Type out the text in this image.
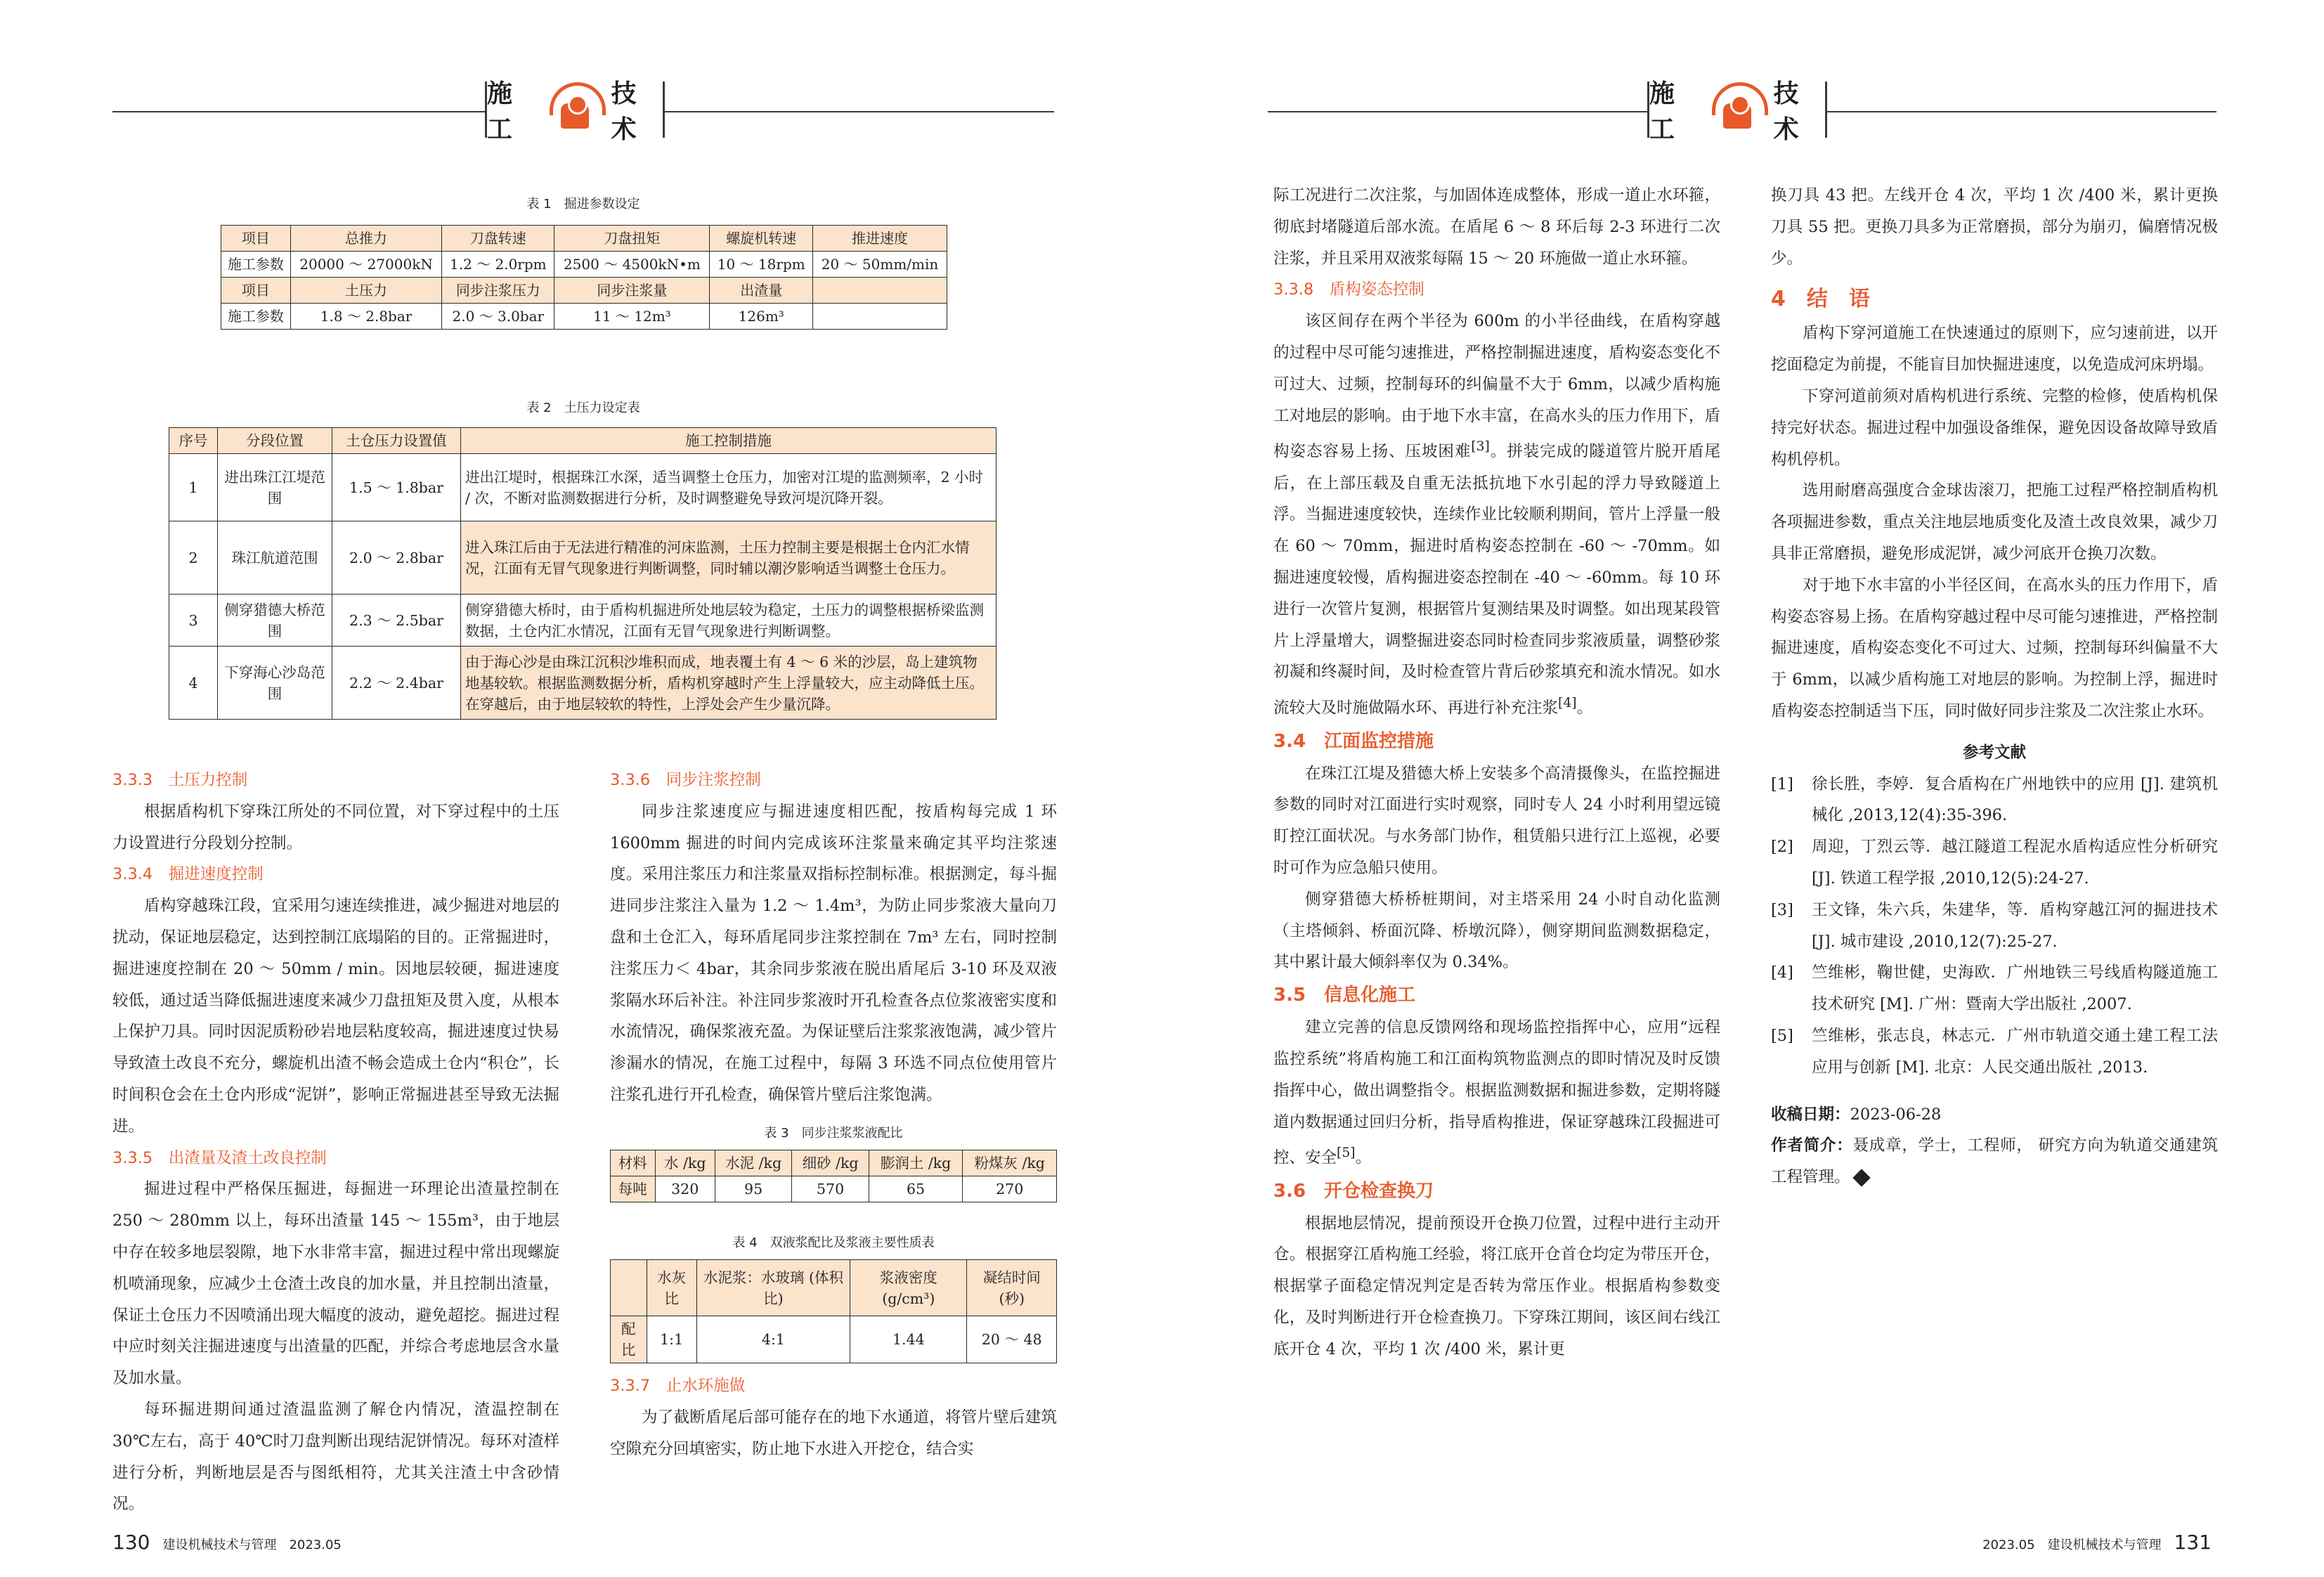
施工
技术
表 1　掘进参数设定
项目	总推力	刀盘转速	刀盘扭矩	螺旋机转速	推进速度
施工参数	20000 ～ 27000kN	1.2 ～ 2.0rpm	2500 ～ 4500kN•m	10 ～ 18rpm	20 ～ 50mm/min
项目	土压力	同步注浆压力	同步注浆量	出渣量	
施工参数	1.8 ～ 2.8bar	2.0 ～ 3.0bar	11 ～ 12m³	126m³	
表 2　土压力设定表
序号	分段位置	土仓压力设置值	施工控制措施
1	进出珠江江堤范围	1.5 ～ 1.8bar	进出江堤时，根据珠江水深，适当调整土仓压力，加密对江堤的监测频率，2 小时 / 次，不断对监测数据进行分析，及时调整避免导致河堤沉降开裂。
2	珠江航道范围	2.0 ～ 2.8bar	进入珠江后由于无法进行精准的河床监测，土压力控制主要是根据土仓内汇水情况，江面有无冒气现象进行判断调整，同时辅以潮汐影响适当调整土仓压力。
3	侧穿猎德大桥范围	2.3 ～ 2.5bar	侧穿猎德大桥时，由于盾构机掘进所处地层较为稳定，土压力的调整根据桥梁监测数据，土仓内汇水情况，江面有无冒气现象进行判断调整。
4	下穿海心沙岛范围	2.2 ～ 2.4bar	由于海心沙是由珠江沉积沙堆积而成，地表覆土有 4 ～ 6 米的沙层，岛上建筑物地基较软。根据监测数据分析，盾构机穿越时产生上浮量较大，应主动降低土压。在穿越后，由于地层较软的特性，上浮处会产生少量沉降。
3.3.3　土压力控制

根据盾构机下穿珠江所处的不同位置，对下穿过程中的土压力设置进行分段划分控制。

3.3.4　掘进速度控制

盾构穿越珠江段，宜采用匀速连续推进，减少掘进对地层的扰动，保证地层稳定，达到控制江底塌陷的目的。正常掘进时，掘进速度控制在 20 ～ 50mm / min。因地层较硬，掘进速度较低，通过适当降低掘进速度来减少刀盘扭矩及贯入度，从根本上保护刀具。同时因泥质粉砂岩地层粘度较高，掘进速度过快易导致渣土改良不充分，螺旋机出渣不畅会造成土仓内“积仓”，长时间积仓会在土仓内形成“泥饼”，影响正常掘进甚至导致无法掘进。

3.3.5　出渣量及渣土改良控制

掘进过程中严格保压掘进，每掘进一环理论出渣量控制在 250 ～ 280mm 以上，每环出渣量 145 ～ 155m³，由于地层中存在较多地层裂隙，地下水非常丰富，掘进过程中常出现螺旋机喷涌现象，应减少土仓渣土改良的加水量，并且控制出渣量，保证土仓压力不因喷涌出现大幅度的波动，避免超挖。掘进过程中应时刻关注掘进速度与出渣量的匹配，并综合考虑地层含水量及加水量。

每环掘进期间通过渣温监测了解仓内情况，渣温控制在 30℃左右，高于 40℃时刀盘判断出现结泥饼情况。每环对渣样进行分析，判断地层是否与图纸相符，尤其关注渣土中含砂情况。

3.3.6　同步注浆控制

同步注浆速度应与掘进速度相匹配，按盾构每完成 1 环 1600mm 掘进的时间内完成该环注浆量来确定其平均注浆速度。采用注浆压力和注浆量双指标控制标准。根据测定，每斗掘进同步注浆注入量为 1.2 ～ 1.4m³，为防止同步浆液大量向刀盘和土仓汇入，每环盾尾同步注浆控制在 7m³ 左右，同时控制注浆压力＜ 4bar，其余同步浆液在脱出盾尾后 3-10 环及双液浆隔水环后补注。补注同步浆液时开孔检查各点位浆液密实度和水流情况，确保浆液充盈。为保证壁后注浆浆液饱满，减少管片渗漏水的情况，在施工过程中，每隔 3 环选不同点位使用管片注浆孔进行开孔检查，确保管片壁后注浆饱满。

表 3　同步注浆浆液配比
材料	水 /kg	水泥 /kg	细砂 /kg	膨润土 /kg	粉煤灰 /kg
每吨	320	95	570	65	270
表 4　双液浆配比及浆液主要性质表
	水灰比	水泥浆：水玻璃 (体积比)	浆液密度 (g/cm³)	凝结时间 (秒)
配比	1:1	4:1	1.44	20 ～ 48
3.3.7　止水环施做

为了截断盾尾后部可能存在的地下水通道，将管片壁后建筑空隙充分回填密实，防止地下水进入开挖仓，结合实

130 建设机械技术与管理 2023.05
施工
技术

际工况进行二次注浆，与加固体连成整体，形成一道止水环箍，彻底封堵隧道后部水流。在盾尾 6 ～ 8 环后每 2-3 环进行二次注浆，并且采用双液浆每隔 15 ～ 20 环施做一道止水环箍。

3.3.8　盾构姿态控制

该区间存在两个半径为 600m 的小半径曲线，在盾构穿越的过程中尽可能匀速推进，严格控制掘进速度，盾构姿态变化不可过大、过频，控制每环的纠偏量不大于 6mm，以减少盾构施工对地层的影响。由于地下水丰富，在高水头的压力作用下，盾构姿态容易上扬、压坡困难[3]。拼装完成的隧道管片脱开盾尾后，在上部压载及自重无法抵抗地下水引起的浮力导致隧道上浮。当掘进速度较快，连续作业比较顺利期间，管片上浮量一般在 60 ～ 70mm，掘进时盾构姿态控制在 -60 ～ -70mm。如掘进速度较慢，盾构掘进姿态控制在 -40 ～ -60mm。每 10 环进行一次管片复测，根据管片复测结果及时调整。如出现某段管片上浮量增大，调整掘进姿态同时检查同步浆液质量，调整砂浆初凝和终凝时间，及时检查管片背后砂浆填充和流水情况。如水流较大及时施做隔水环、再进行补充注浆[4]。

3.4　江面监控措施

在珠江江堤及猎德大桥上安装多个高清摄像头，在监控掘进参数的同时对江面进行实时观察，同时专人 24 小时利用望远镜盯控江面状况。与水务部门协作，租赁船只进行江上巡视，必要时可作为应急船只使用。

侧穿猎德大桥桥桩期间，对主塔采用 24 小时自动化监测（主塔倾斜、桥面沉降、桥墩沉降），侧穿期间监测数据稳定，其中累计最大倾斜率仅为 0.34%。

3.5　信息化施工

建立完善的信息反馈网络和现场监控指挥中心，应用“远程监控系统”将盾构施工和江面构筑物监测点的即时情况及时反馈指挥中心，做出调整指令。根据监测数据和掘进参数，定期将隧道内数据通过回归分析，指导盾构推进，保证穿越珠江段掘进可控、安全[5]。

3.6　开仓检查换刀

根据地层情况，提前预设开仓换刀位置，过程中进行主动开仓。根据穿江盾构施工经验，将江底开仓首仓均定为带压开仓，根据掌子面稳定情况判定是否转为常压作业。根据盾构参数变化，及时判断进行开仓检查换刀。下穿珠江期间，该区间右线江底开仓 4 次，平均 1 次 /400 米，累计更

换刀具 43 把。左线开仓 4 次，平均 1 次 /400 米，累计更换刀具 55 把。更换刀具多为正常磨损，部分为崩刃，偏磨情况极少。

4　结　语

盾构下穿河道施工在快速通过的原则下，应匀速前进，以开挖面稳定为前提，不能盲目加快掘进速度，以免造成河床坍塌。

下穿河道前须对盾构机进行系统、完整的检修，使盾构机保持完好状态。掘进过程中加强设备维保，避免因设备故障导致盾构机停机。

选用耐磨高强度合金球齿滚刀，把施工过程严格控制盾构机各项掘进参数，重点关注地层地质变化及渣土改良效果，减少刀具非正常磨损，避免形成泥饼，减少河底开仓换刀次数。

对于地下水丰富的小半径区间，在高水头的压力作用下，盾构姿态容易上扬。在盾构穿越过程中尽可能匀速推进，严格控制掘进速度，盾构姿态变化不可过大、过频，控制每环纠偏量不大于 6mm，以减少盾构施工对地层的影响。为控制上浮，掘进时盾构姿态控制适当下压，同时做好同步注浆及二次注浆止水环。

参考文献
[1]	徐长胜，李婷．复合盾构在广州地铁中的应用 [J]. 建筑机械化 ,2013,12(4):35-396.
[2]	周迎，丁烈云等．越江隧道工程泥水盾构适应性分析研究 [J]. 铁道工程学报 ,2010,12(5):24-27.
[3]	王文锋，朱六兵，朱建华，等．盾构穿越江河的掘进技术 [J]. 城市建设 ,2010,12(7):25-27.
[4]	竺维彬，鞠世健，史海欧．广州地铁三号线盾构隧道施工技术研究 [M]. 广州：暨南大学出版社 ,2007.
[5]	竺维彬，张志良，林志元．广州市轨道交通土建工程工法应用与创新 [M]. 北京：人民交通出版社 ,2013.
收稿日期：2023-06-28
作者简介：聂成章，学士，工程师， 研究方向为轨道交通建筑工程管理。
2023.05 建设机械技术与管理 131
